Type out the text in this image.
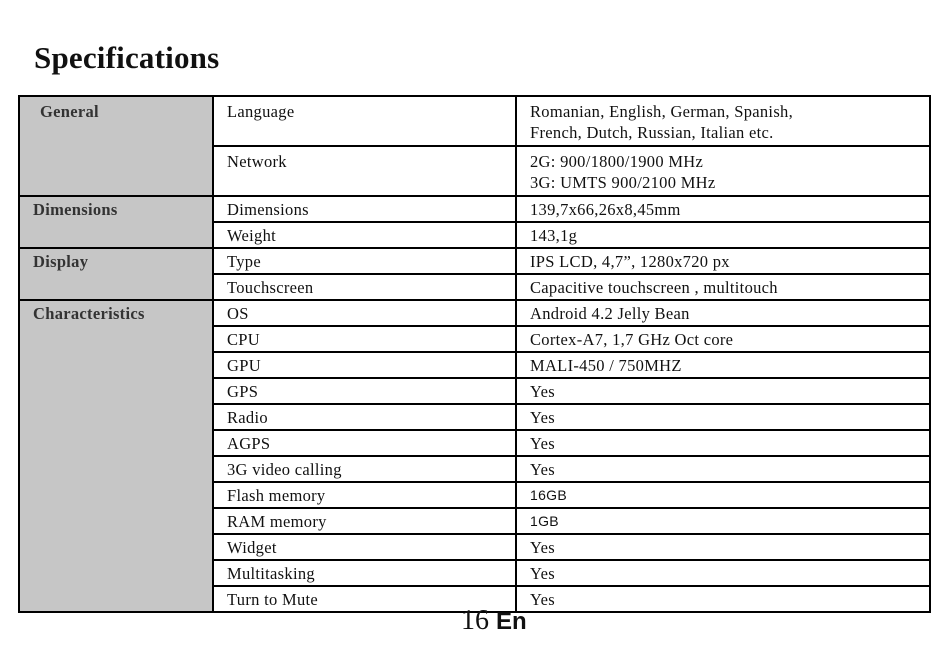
Specifications
General	Language	Romanian, English, German, Spanish,
French, Dutch, Russian, Italian etc.

	Network	2G: 900/1800/1900 MHz
3G: UMTS 900/2100 MHz

Dimensions	Dimensions	139,7x66,26x8,45mm

	Weight	143,1g

Display	Type	IPS LCD, 4,7”, 1280x720 px

	Touchscreen	Capacitive touchscreen , multitouch

Characteristics	OS	Android 4.2 Jelly Bean

	CPU	Cortex-A7, 1,7 GHz Oct core

	GPU	MALI-450 / 750MHZ

	GPS	Yes

	Radio	Yes

	AGPS	Yes

	3G video calling	Yes

	Flash memory	16GB

	RAM memory	1GB

	Widget	Yes

	Multitasking	Yes

	Turn to Mute	Yes
16 En
